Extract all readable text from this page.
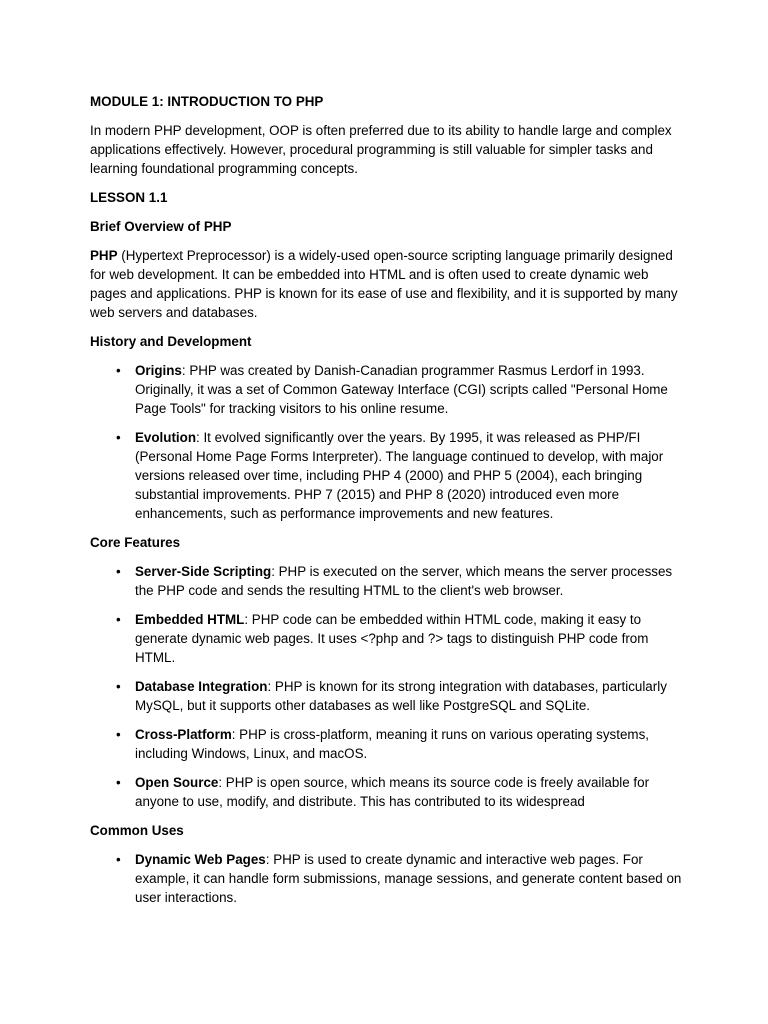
MODULE 1: INTRODUCTION TO PHP

In modern PHP development, OOP is often preferred due to its ability to handle large and complex applications effectively. However, procedural programming is still valuable for simpler tasks and learning foundational programming concepts.

LESSON 1.1
Brief Overview of PHP

PHP (Hypertext Preprocessor) is a widely-used open-source scripting language primarily designed for web development. It can be embedded into HTML and is often used to create dynamic web pages and applications. PHP is known for its ease of use and flexibility, and it is supported by many web servers and databases.

History and Development
• Origins: PHP was created by Danish-Canadian programmer Rasmus Lerdorf in 1993. Originally, it was a set of Common Gateway Interface (CGI) scripts called "Personal Home Page Tools" for tracking visitors to his online resume.
• Evolution: It evolved significantly over the years. By 1995, it was released as PHP/FI (Personal Home Page Forms Interpreter). The language continued to develop, with major versions released over time, including PHP 4 (2000) and PHP 5 (2004), each bringing substantial improvements. PHP 7 (2015) and PHP 8 (2020) introduced even more enhancements, such as performance improvements and new features.
Core Features
• Server-Side Scripting: PHP is executed on the server, which means the server processes the PHP code and sends the resulting HTML to the client's web browser.
• Embedded HTML: PHP code can be embedded within HTML code, making it easy to generate dynamic web pages. It uses <?php and ?> tags to distinguish PHP code from HTML.
• Database Integration: PHP is known for its strong integration with databases, particularly MySQL, but it supports other databases as well like PostgreSQL and SQLite.
• Cross-Platform: PHP is cross-platform, meaning it runs on various operating systems, including Windows, Linux, and macOS.
• Open Source: PHP is open source, which means its source code is freely available for anyone to use, modify, and distribute. This has contributed to its widespread
Common Uses
• Dynamic Web Pages: PHP is used to create dynamic and interactive web pages. For example, it can handle form submissions, manage sessions, and generate content based on user interactions.
